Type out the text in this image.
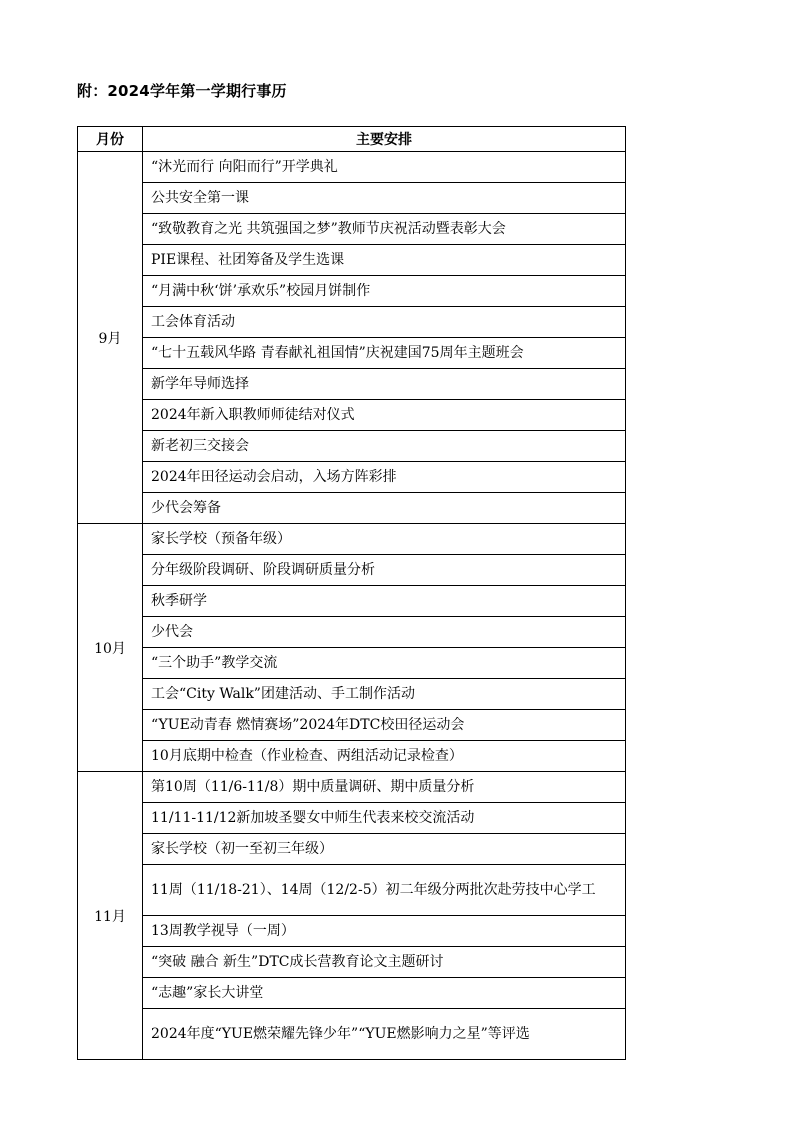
附：2024学年第一学期行事历
月份	主要安排
9月	“沐光而行 向阳而行”开学典礼
	公共安全第一课
	“致敬教育之光 共筑强国之梦”教师节庆祝活动暨表彰大会
	PIE课程、社团筹备及学生选课
	“月满中秋‘饼’承欢乐”校园月饼制作
	工会体育活动
	“七十五载风华路 青春献礼祖国情”庆祝建国75周年主题班会
	新学年导师选择
	2024年新入职教师师徒结对仪式
	新老初三交接会
	2024年田径运动会启动，入场方阵彩排
	少代会筹备
10月	家长学校（预备年级）
	分年级阶段调研、阶段调研质量分析
	秋季研学
	少代会
	“三个助手”教学交流
	工会“City Walk”团建活动、手工制作活动
	“YUE动青春 燃情赛场”2024年DTC校田径运动会
	10月底期中检查（作业检查、两组活动记录检查）
11月	第10周（11/6-11/8）期中质量调研、期中质量分析
	11/11-11/12新加坡圣婴女中师生代表来校交流活动
	家长学校（初一至初三年级）
	11周（11/18-21）、14周（12/2-5）初二年级分两批次赴劳技中心学工
	13周教学视导（一周）
	“突破 融合 新生”DTC成长营教育论文主题研讨
	“志趣”家长大讲堂
	2024年度“YUE燃荣耀先锋少年”“YUE燃影响力之星”等评选
